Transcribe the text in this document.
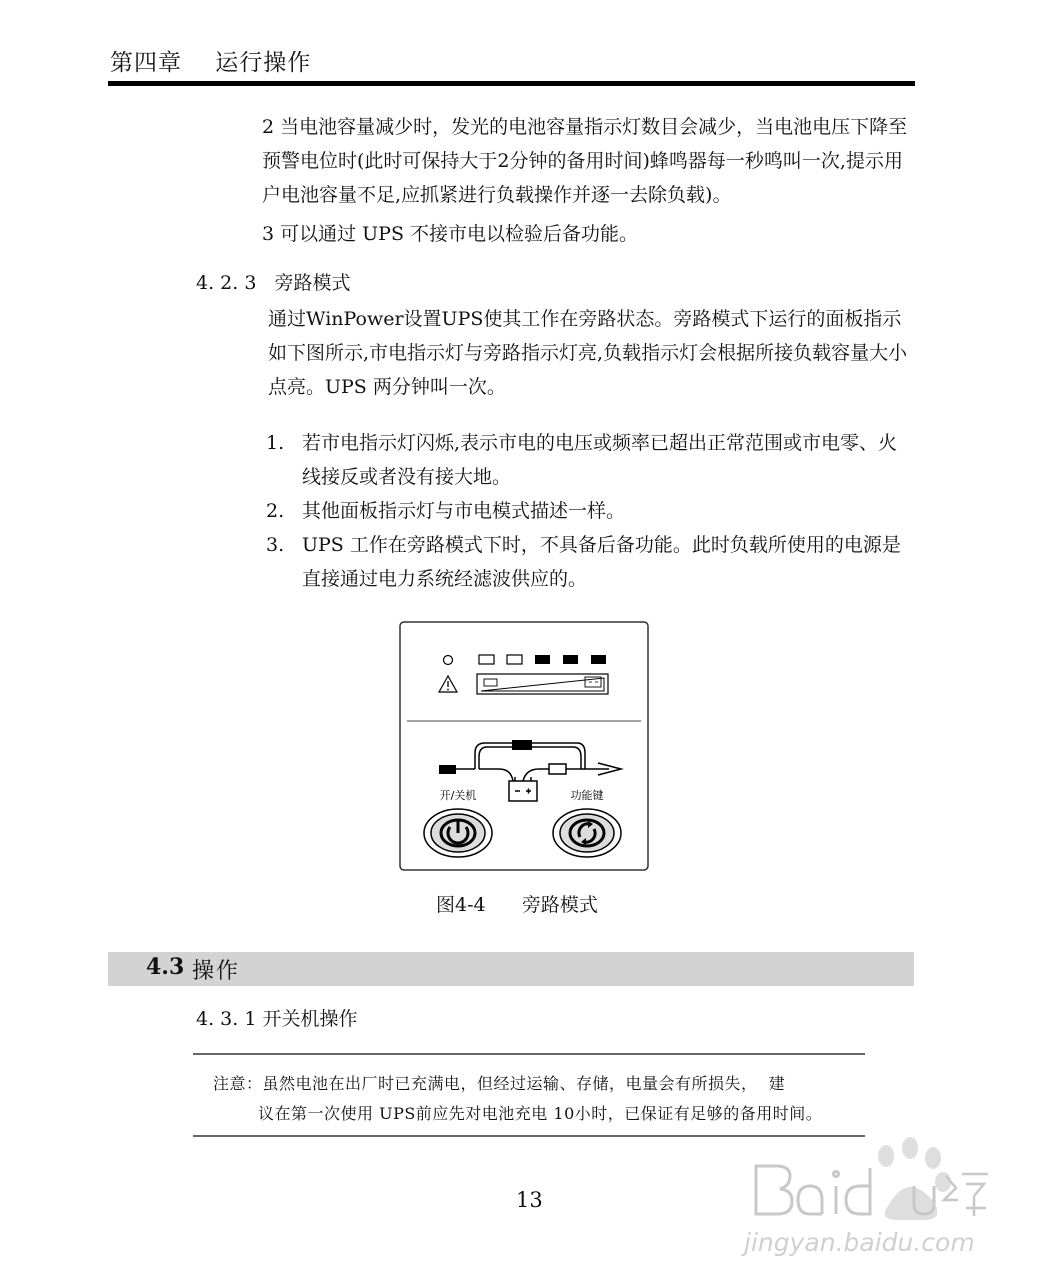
第四章    运行操作
2 当电池容量减少时，发光的电池容量指示灯数目会减少，当电池电压下降至预警电位时(此时可保持大于2分钟的备用时间)蜂鸣器每一秒鸣叫一次,提示用户电池容量不足,应抓紧进行负载操作并逐一去除负载)。
3 可以通过 UPS 不接市电以检验后备功能。
4. 2. 3   旁路模式
通过WinPower设置UPS使其工作在旁路状态。旁路模式下运行的面板指示如下图所示,市电指示灯与旁路指示灯亮,负载指示灯会根据所接负载容量大小点亮。UPS 两分钟叫一次。
1. 若市电指示灯闪烁,表示市电的电压或频率已超出正常范围或市电零、火线接反或者没有接大地。
2. 其他面板指示灯与市电模式描述一样。
3. UPS 工作在旁路模式下时，不具备后备功能。此时负载所使用的电源是直接通过电力系统经滤波供应的。
开/关机	功能键
图4-4      旁路模式
4.3 操作
4. 3. 1 开关机操作
注意：虽然电池在出厂时已充满电，但经过运输、存储，电量会有所损失，  建
议在第一次使用 UPS前应先对电池充电 10小时，已保证有足够的备用时间。
13
jingyan.baidu.com
